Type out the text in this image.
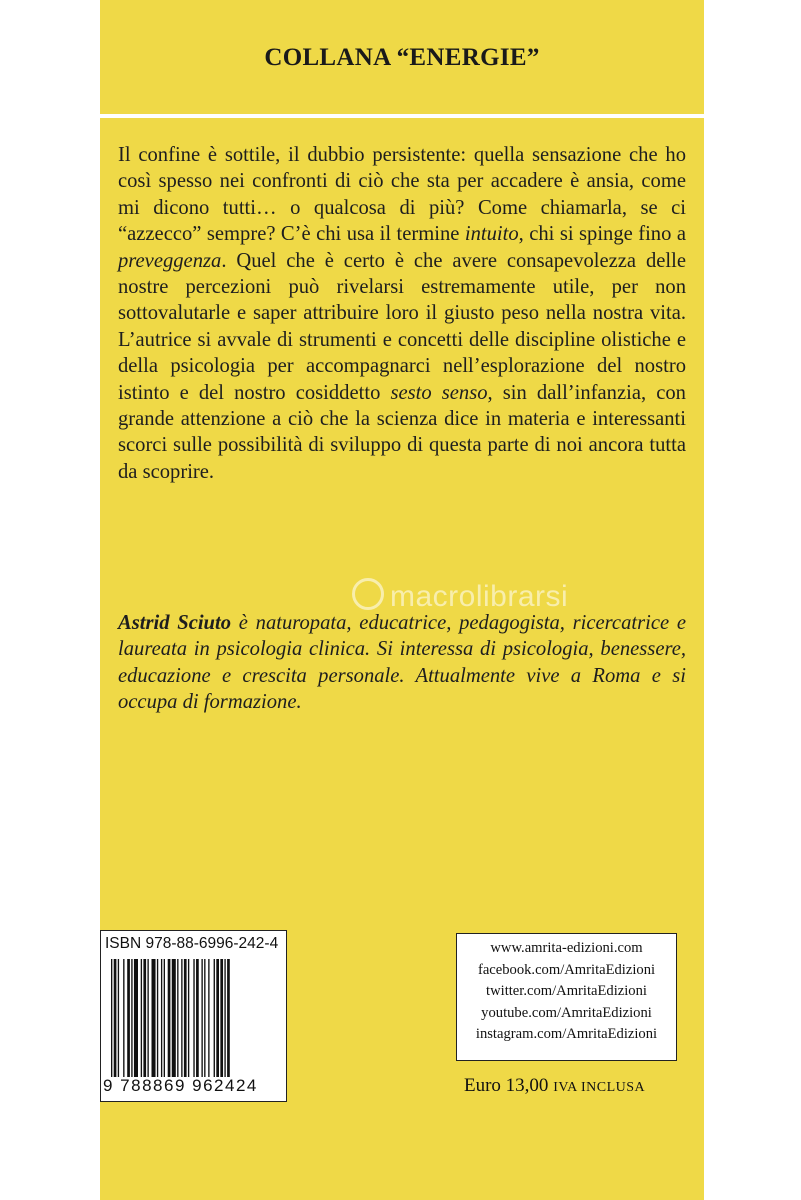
COLLANA “ENERGIE”

Il confine è sottile, il dubbio persistente: quella sensazione che ho così spesso nei confronti di ciò che sta per accadere è ansia, come mi dicono tutti… o qualcosa di più? Come chiamarla, se ci “azzecco” sempre? C’è chi usa il termine intuito, chi si spinge fino a preveggenza. Quel che è certo è che avere consapevolezza delle nostre percezioni può rivelarsi estremamente utile, per non sottovalutarle e saper attribuire loro il giusto peso nella nostra vita. L’autrice si avvale di strumenti e concetti delle discipline olistiche e della psicologia per accompagnarci nell’esplorazione del nostro istinto e del nostro cosiddetto sesto senso, sin dall’infanzia, con grande attenzione a ciò che la scienza dice in materia e interessanti scorci sulle possibilità di sviluppo di questa parte di noi ancora tutta da scoprire.

macrolibrarsi

Astrid Sciuto è naturopata, educatrice, pedagogista, ricercatrice e laureata in psicologia clinica. Si interessa di psicologia, benessere, educazione e crescita personale. Attualmente vive a Roma e si occupa di formazione.

ISBN 978-88-6996-242-4
9 788869 962424
www.amrita-edizioni.com
facebook.com/AmritaEdizioni
twitter.com/AmritaEdizioni
youtube.com/AmritaEdizioni
instagram.com/AmritaEdizioni
Euro 13,00 IVA INCLUSA
